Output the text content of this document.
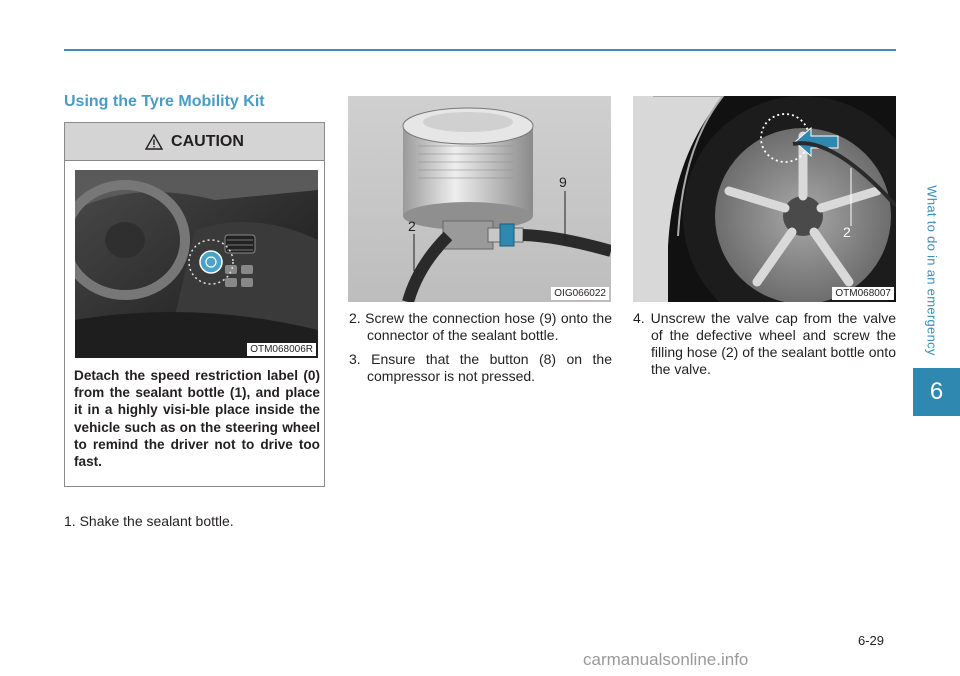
What to do in an emergency
6
Using the Tyre Mobility Kit
CAUTION
OTM068006R

Detach the speed restriction label (0) from the sealant bottle (1), and place it in a highly visi-ble place inside the vehicle such as on the steering wheel to remind the driver not to drive too fast.

1. Shake the sealant bottle.

2
9
OIG066022
2. Screw the connection hose (9) onto the connector of the sealant bottle.
3. Ensure that the button (8) on the compressor is not pressed.
2
OTM068007
4. Unscrew the valve cap from the valve of the defective wheel and screw the filling hose (2) of the sealant bottle onto the valve.
6-29
carmanualsonline.info
